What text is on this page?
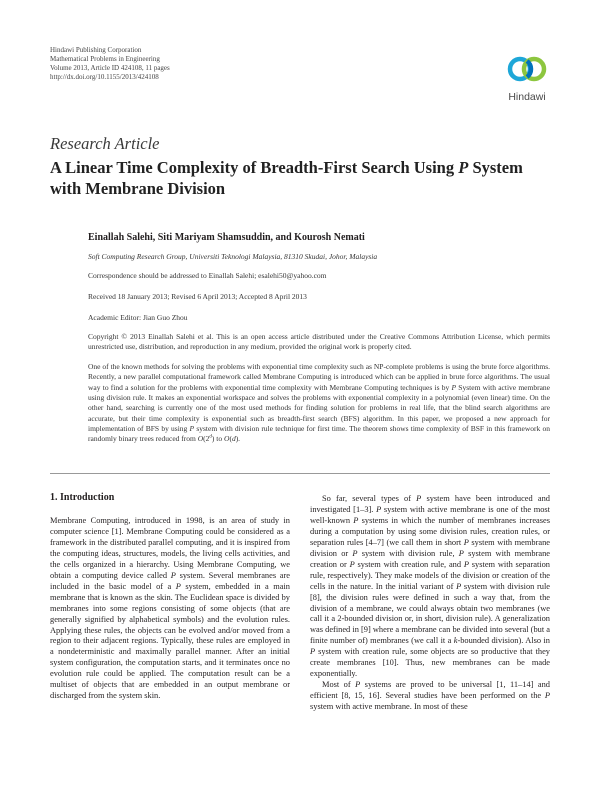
Hindawi Publishing Corporation
Mathematical Problems in Engineering
Volume 2013, Article ID 424108, 11 pages
http://dx.doi.org/10.1155/2013/424108
Hindawi
Research Article
A Linear Time Complexity of Breadth-First Search Using P System with Membrane Division
Einallah Salehi, Siti Mariyam Shamsuddin, and Kourosh Nemati
Soft Computing Research Group, Universiti Teknologi Malaysia, 81310 Skudai, Johor, Malaysia
Correspondence should be addressed to Einallah Salehi; esalehi50@yahoo.com
Received 18 January 2013; Revised 6 April 2013; Accepted 8 April 2013
Academic Editor: Jian Guo Zhou
Copyright © 2013 Einallah Salehi et al. This is an open access article distributed under the Creative Commons Attribution License, which permits unrestricted use, distribution, and reproduction in any medium, provided the original work is properly cited.
One of the known methods for solving the problems with exponential time complexity such as NP-complete problems is using the brute force algorithms. Recently, a new parallel computational framework called Membrane Computing is introduced which can be applied in brute force algorithms. The usual way to find a solution for the problems with exponential time complexity with Membrane Computing techniques is by P System with active membrane using division rule. It makes an exponential workspace and solves the problems with exponential complexity in a polynomial (even linear) time. On the other hand, searching is currently one of the most used methods for finding solution for problems in real life, that the blind search algorithms are accurate, but their time complexity is exponential such as breadth-first search (BFS) algorithm. In this paper, we proposed a new approach for implementation of BFS by using P system with division rule technique for first time. The theorem shows time complexity of BSF in this framework on randomly binary trees reduced from O(2$^d$) to O(d).
1. Introduction

Membrane Computing, introduced in 1998, is an area of study in computer science [1]. Membrane Computing could be considered as a framework in the distributed parallel computing, and it is inspired from the computing ideas, structures, models, the living cells activities, and the cells organized in a hierarchy. Using Membrane Computing, we obtain a computing device called P system. Several membranes are included in the basic model of a P system, embedded in a main membrane that is known as the skin. The Euclidean space is divided by membranes into some regions consisting of some objects (that are generally signified by alphabetical symbols) and the evolution rules. Applying these rules, the objects can be evolved and/or moved from a region to their adjacent regions. Typically, these rules are employed in a nondeterministic and maximally parallel manner. After an initial system configuration, the computation starts, and it terminates once no evolution rule could be applied. The computation result can be a multiset of objects that are embedded in an output membrane or discharged from the system skin.

So far, several types of P system have been introduced and investigated [1–3]. P system with active membrane is one of the most well-known P systems in which the number of membranes increases during a computation by using some division rules, creation rules, or separation rules [4–7] (we call them in short P system with membrane division or P system with division rule, P system with membrane creation or P system with creation rule, and P system with separation rule, respectively). They make models of the division or creation of the cells in the nature. In the initial variant of P system with division rule [8], the division rules were defined in such a way that, from the division of a membrane, we could always obtain two membranes (we call it a 2-bounded division or, in short, division rule). A generalization was defined in [9] where a membrane can be divided into several (but a finite number of) membranes (we call it a k-bounded division). Also in P system with creation rule, some objects are so productive that they create membranes [10]. Thus, new membranes can be made exponentially.

Most of P systems are proved to be universal [1, 11–14] and efficient [8, 15, 16]. Several studies have been performed on the P system with active membrane. In most of these
